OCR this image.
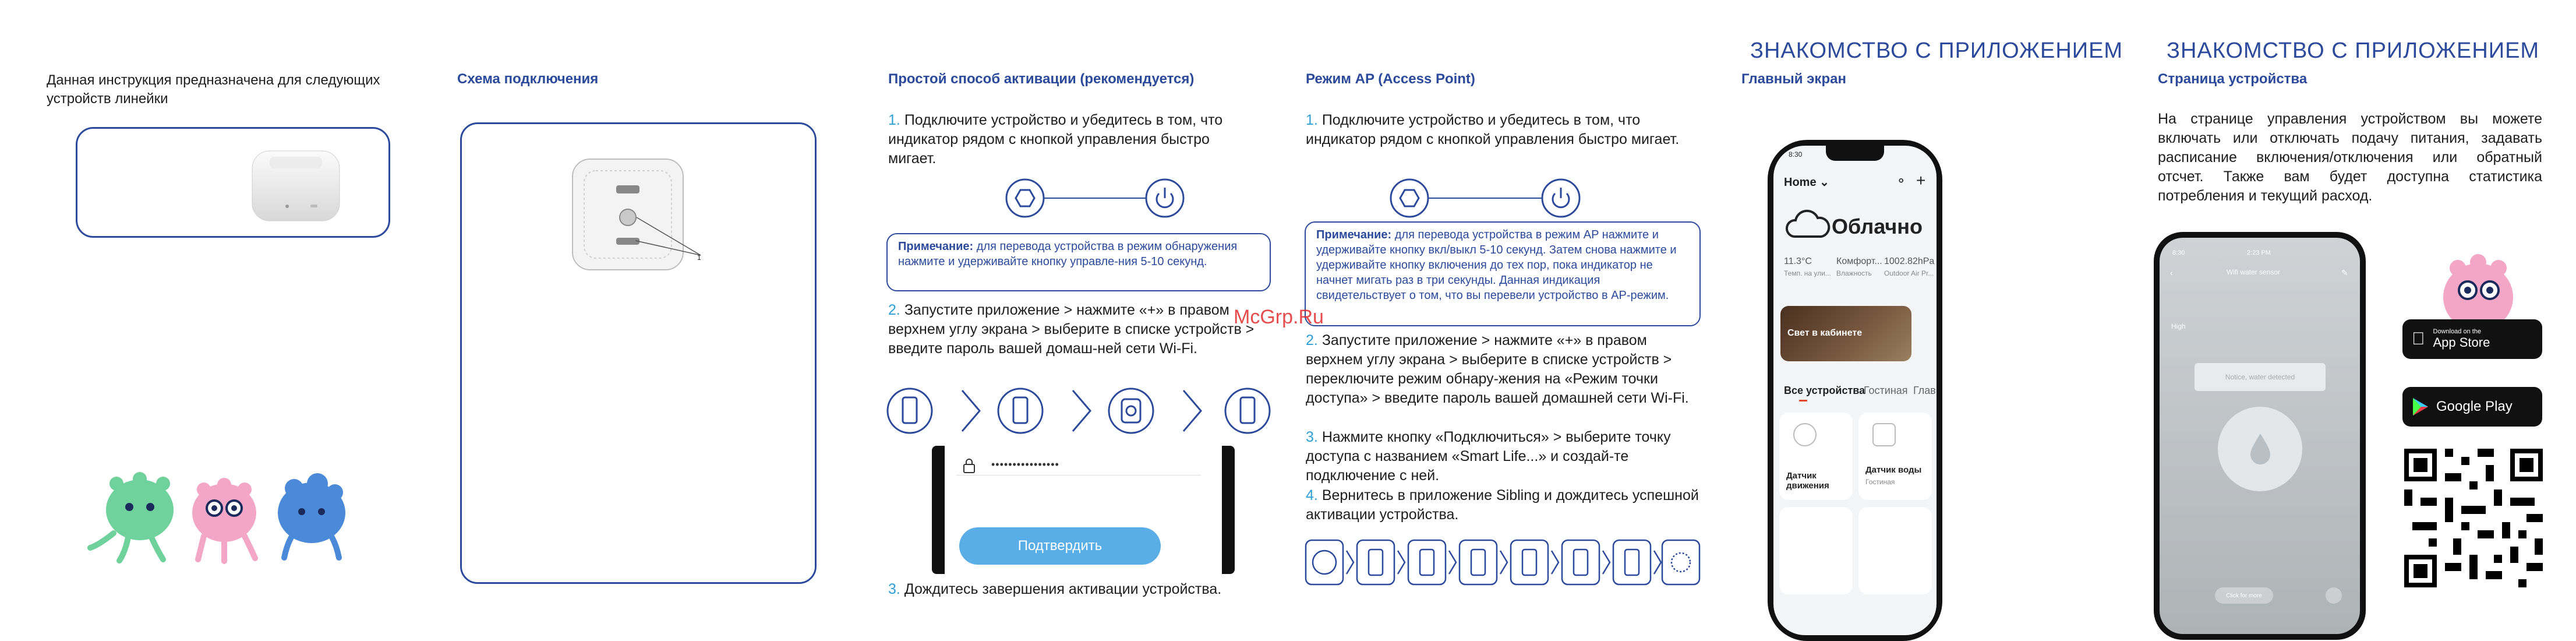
Данная инструкция предназначена для следующих устройств линейки
Схема подключения
1
Простой способ активации (рекомендуется)
1. Подключите устройство и убедитесь в том, что индикатор рядом с кнопкой управления быстро мигает.
Примечание: для перевода устройства в режим обнаружения нажмите и удерживайте кнопку управле-ния 5-10 секунд.
2. Запустите приложение > нажмите «+» в правом верхнем углу экрана > выберите в списке устройств > введите пароль вашей домаш-ней сети Wi-Fi.
••••••••••••••••
Подтвердить
3. Дождитесь завершения активации устройства.
Режим AP (Access Point)
1. Подключите устройство и убедитесь в том, что индикатор рядом с кнопкой управления быстро мигает.
Примечание: для перевода устройства в режим AP нажмите и удерживайте кнопку вкл/выкл 5-10 секунд. Затем снова нажмите и удерживайте кнопку включения до тех пор, пока индикатор не начнет мигать раз в три секунды. Данная индикация свидетельствует о том, что вы перевели устройство в AP-режим.
2. Запустите приложение > нажмите «+» в правом верхнем углу экрана > выберите в списке устройств > переключите режим обнару-жения на «Режим точки доступа» > введите пароль вашей домашней сети Wi-Fi.
3. Нажмите кнопку «Подключиться» > выберите точку доступа с названием «Smart Life...» и создай-те подключение с ней.
4. Вернитесь в приложение Sibling и дождитесь успешной активации устройства.
McGrp.Ru
ЗНАКОМСТВО С ПРИЛОЖЕНИЕМ
Главный экран
8:30
Home ⌄	⚬ +
Облачно
11.3°C
Темп. на ули...
Комфорт...
Влажность
1002.82hPa
Outdoor Air Pr...
Свет в кабинете
Все устройства
Гостиная Глав
Датчик движения
Датчик воды
Гостиная
ЗНАКОМСТВО С ПРИЛОЖЕНИЕМ
Страница устройства
На странице управления устройством вы можете включать или отключать подачу питания, задавать расписание включения/отключения или обратный отсчет. Также вам будет доступна статистика потребления и текущий расход.
8:30	2:23 PM
Wifi water sensor
‹	✎
High
Notice, water detected
Click for more
Download on the
App Store
Google Play
